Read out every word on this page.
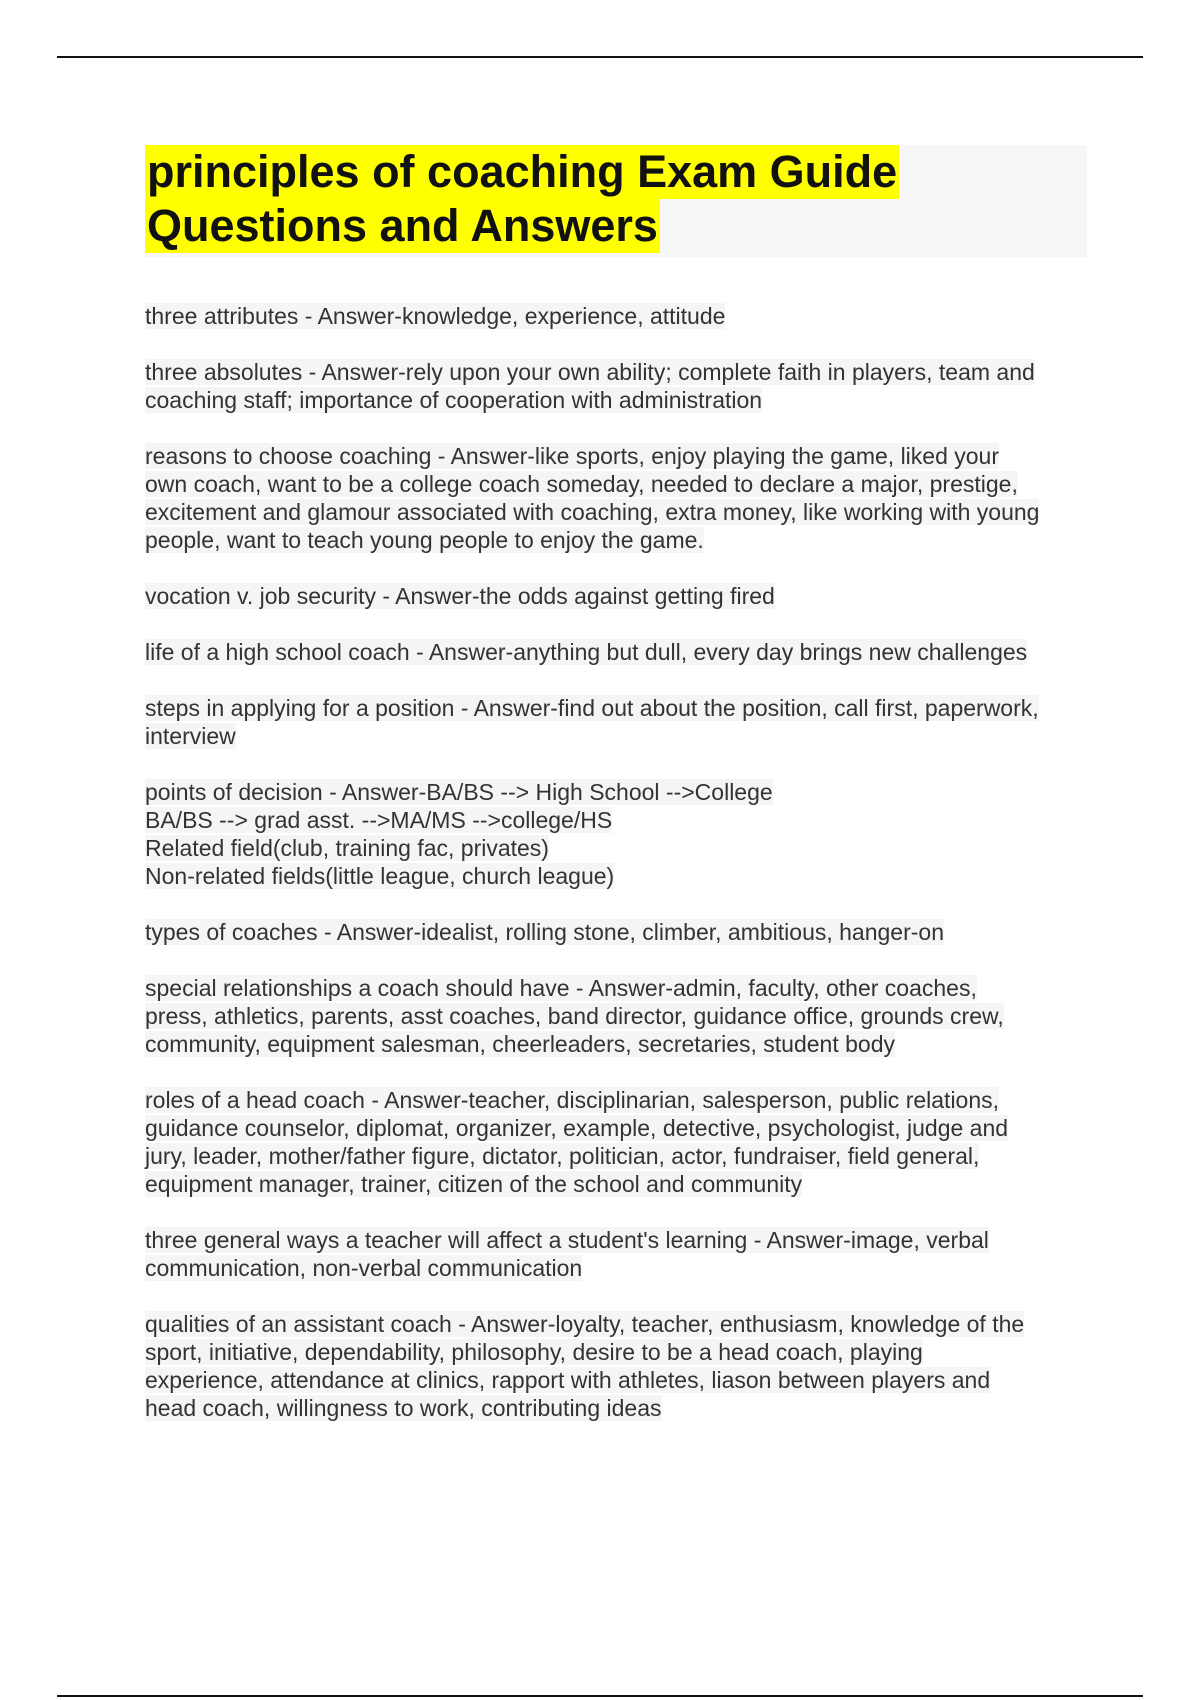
principles of coaching Exam Guide
Questions and Answers
three attributes - Answer-knowledge, experience, attitude
three absolutes - Answer-rely upon your own ability; complete faith in players, team and
coaching staff; importance of cooperation with administration
reasons to choose coaching - Answer-like sports, enjoy playing the game, liked your
own coach, want to be a college coach someday, needed to declare a major, prestige,
excitement and glamour associated with coaching, extra money, like working with young
people, want to teach young people to enjoy the game.
vocation v. job security - Answer-the odds against getting fired
life of a high school coach - Answer-anything but dull, every day brings new challenges
steps in applying for a position - Answer-find out about the position, call first, paperwork,
interview
points of decision - Answer-BA/BS --> High School -->College
BA/BS --> grad asst. -->MA/MS -->college/HS
Related field(club, training fac, privates)
Non-related fields(little league, church league)
types of coaches - Answer-idealist, rolling stone, climber, ambitious, hanger-on
special relationships a coach should have - Answer-admin, faculty, other coaches,
press, athletics, parents, asst coaches, band director, guidance office, grounds crew,
community, equipment salesman, cheerleaders, secretaries, student body
roles of a head coach - Answer-teacher, disciplinarian, salesperson, public relations,
guidance counselor, diplomat, organizer, example, detective, psychologist, judge and
jury, leader, mother/father figure, dictator, politician, actor, fundraiser, field general,
equipment manager, trainer, citizen of the school and community
three general ways a teacher will affect a student's learning - Answer-image, verbal
communication, non-verbal communication
qualities of an assistant coach - Answer-loyalty, teacher, enthusiasm, knowledge of the
sport, initiative, dependability, philosophy, desire to be a head coach, playing
experience, attendance at clinics, rapport with athletes, liason between players and
head coach, willingness to work, contributing ideas
